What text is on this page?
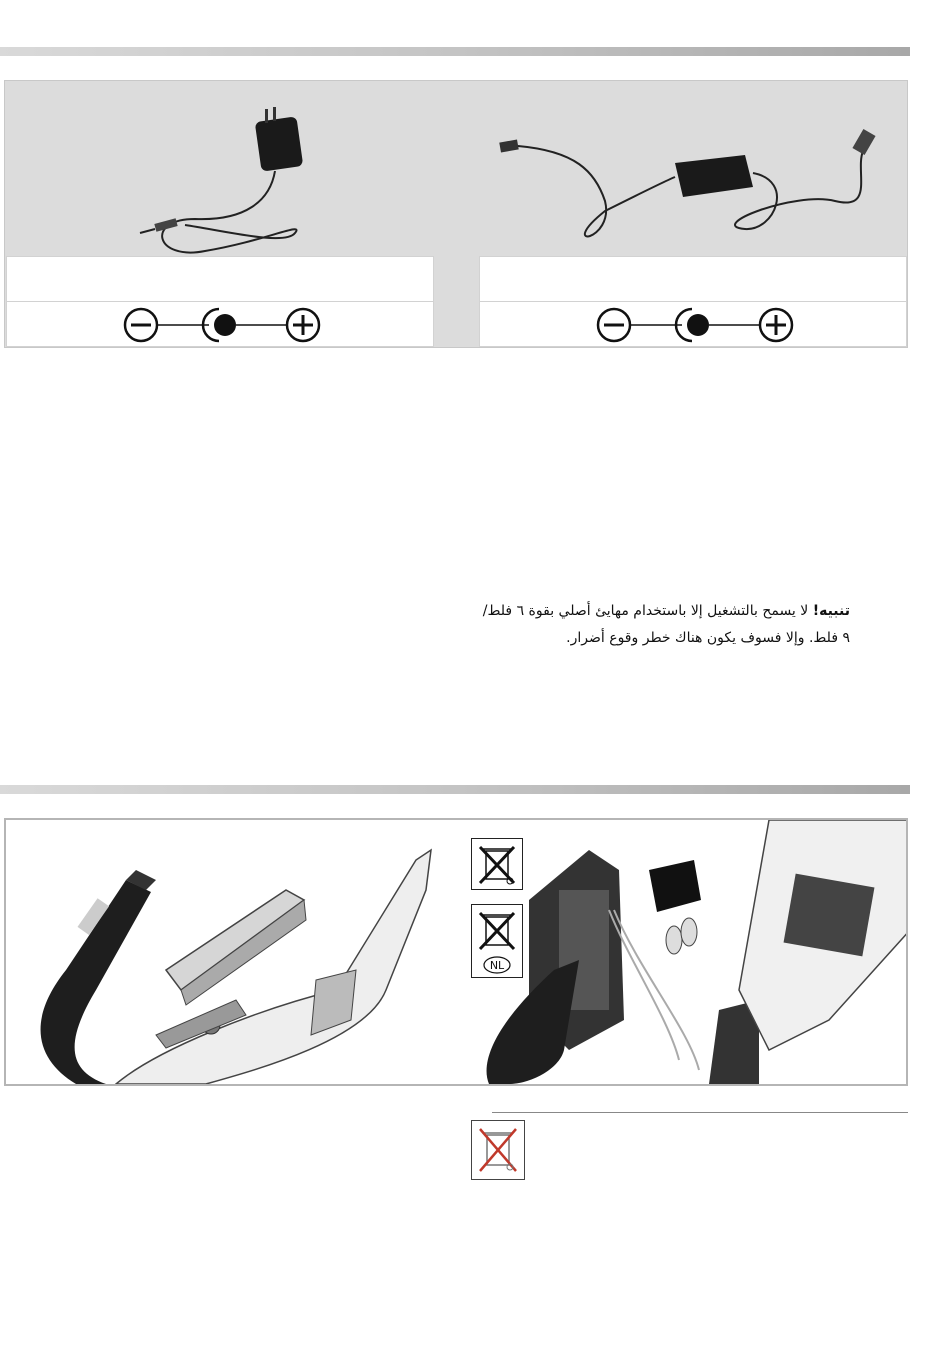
تنبيه! لا يسمح بالتشغيل إلا باستخدام مهايئ أصلي بقوة ٦ فلط/
٩ فلط. وإلا فسوف يكون هناك خطر وقوع أضرار.
NL
